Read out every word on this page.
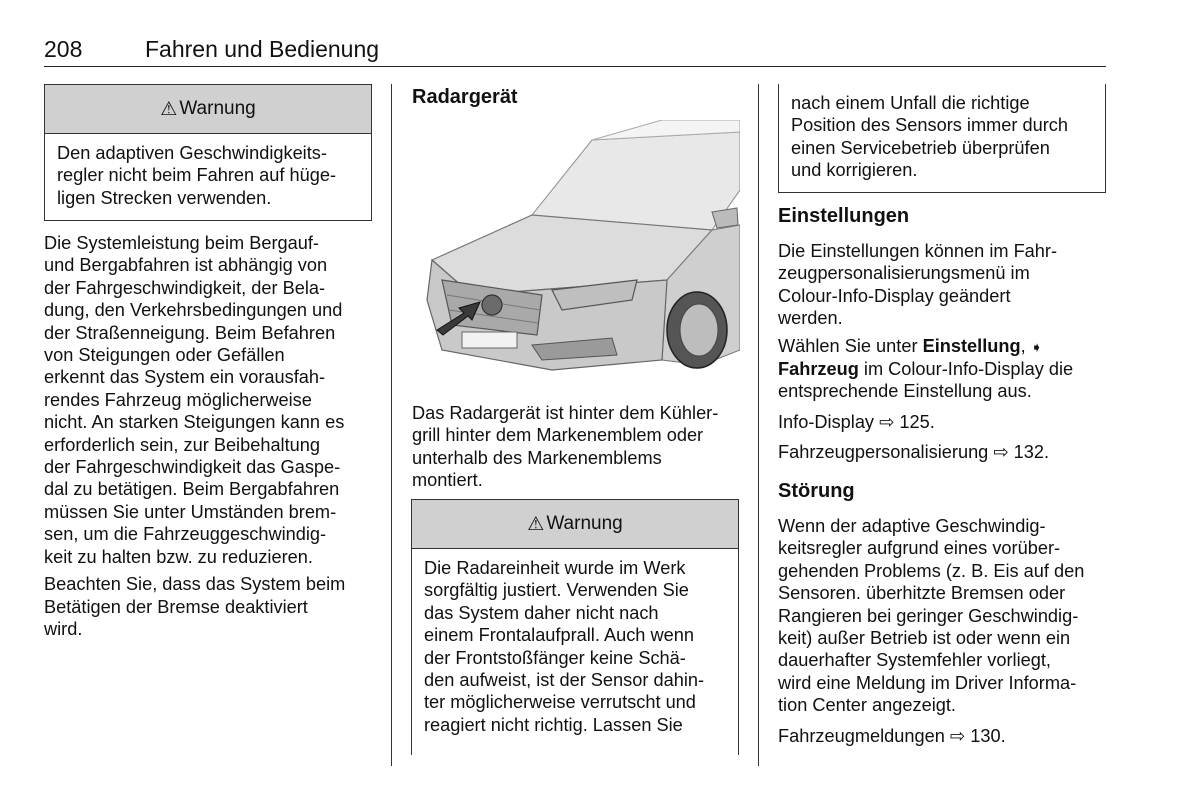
208	Fahren und Bedienung
⚠ Warnung
Den adaptiven Geschwindigkeits-regler nicht beim Fahren auf hüge-ligen Strecken verwenden.

Die Systemleistung beim Bergauf-
und Bergabfahren ist abhängig von
der Fahrgeschwindigkeit, der Bela-
dung, den Verkehrsbedingungen und
der Straßenneigung. Beim Befahren
von Steigungen oder Gefällen
erkennt das System ein vorausfah-
rendes Fahrzeug möglicherweise
nicht. An starken Steigungen kann es
erforderlich sein, zur Beibehaltung
der Fahrgeschwindigkeit das Gaspe-
dal zu betätigen. Beim Bergabfahren
müssen Sie unter Umständen brem-
sen, um die Fahrzeuggeschwindig-
keit zu halten bzw. zu reduzieren.

Beachten Sie, dass das System beim
Betätigen der Bremse deaktiviert
wird.

Radargerät

Das Radargerät ist hinter dem Kühler-
grill hinter dem Markenemblem oder
unterhalb des Markenemblems
montiert.

⚠ Warnung
Die Radareinheit wurde im Werk
sorgfältig justiert. Verwenden Sie
das System daher nicht nach
einem Frontalaufprall. Auch wenn
der Frontstoßfänger keine Schä-
den aufweist, ist der Sensor dahin-
ter möglicherweise verrutscht und
reagiert nicht richtig. Lassen Sie
nach einem Unfall die richtige
Position des Sensors immer durch
einen Servicebetrieb überprüfen
und korrigieren.
Einstellungen

Die Einstellungen können im Fahr-
zeugpersonalisierungsmenü im
Colour-Info-Display geändert
werden.

Wählen Sie unter Einstellung, ➧
Fahrzeug im Colour-Info-Display die
entsprechende Einstellung aus.

Info-Display ⇨ 125.

Fahrzeugpersonalisierung ⇨ 132.

Störung

Wenn der adaptive Geschwindig-
keitsregler aufgrund eines vorüber-
gehenden Problems (z. B. Eis auf den
Sensoren. überhitzte Bremsen oder
Rangieren bei geringer Geschwindig-
keit) außer Betrieb ist oder wenn ein
dauerhafter Systemfehler vorliegt,
wird eine Meldung im Driver Informa-
tion Center angezeigt.

Fahrzeugmeldungen ⇨ 130.
